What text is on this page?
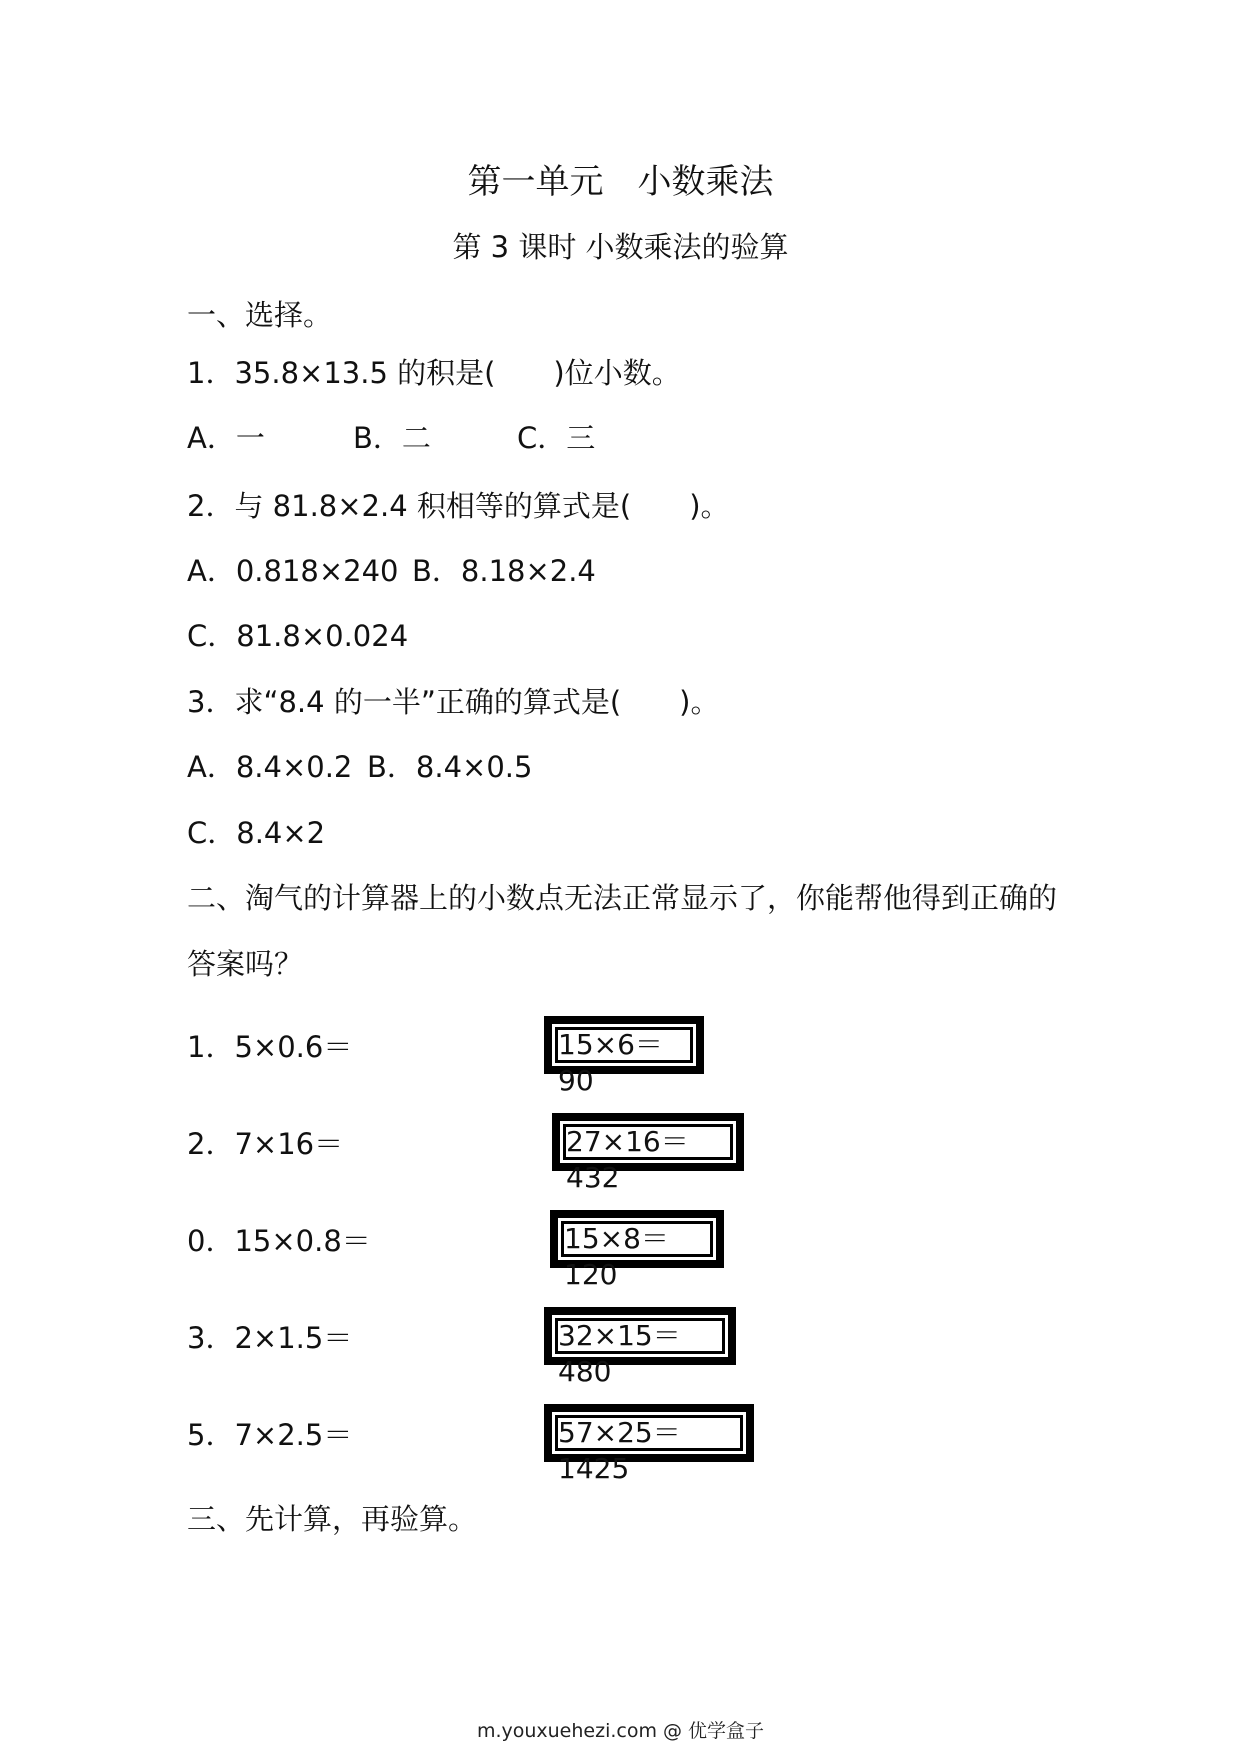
第一单元 小数乘法
第 3 课时 小数乘法的验算
一、选择。
1．35.8×13.5 的积是(　　)位小数。
A．一	B．二	C．三
2．与 81.8×2.4 积相等的算式是(　　)。
A．0.818×240 B．8.18×2.4
C．81.8×0.024
3．求“8.4 的一半”正确的算式是(　　)。
A．8.4×0.2 B．8.4×0.5
C．8.4×2
二、淘气的计算器上的小数点无法正常显示了，你能帮他得到正确的
答案吗？
1．5×0.6＝	15×6＝90
2．7×16＝	27×16＝432
0．15×0.8＝	15×8＝120
3．2×1.5＝	32×15＝480
5．7×2.5＝	57×25＝1425
三、先计算，再验算。
m.youxuehezi.com @ 优学盒子
